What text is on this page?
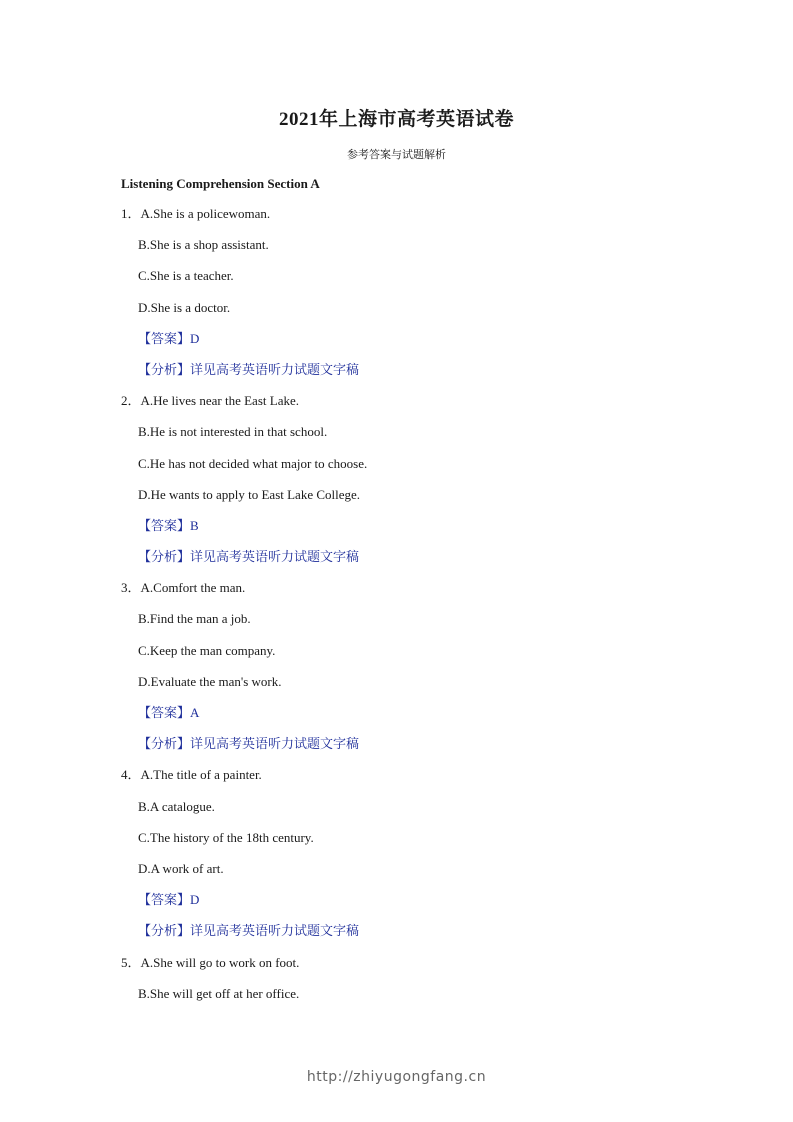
2021年上海市高考英语试卷
参考答案与试题解析
Listening Comprehension Section A
1．A.She is a policewoman.
B.She is a shop assistant.
C.She is a teacher.
D.She is a doctor.
【答案】D
【分析】详见高考英语听力试题文字稿
2．A.He lives near the East Lake.
B.He is not interested in that school.
C.He has not decided what major to choose.
D.He wants to apply to East Lake College.
【答案】B
【分析】详见高考英语听力试题文字稿
3．A.Comfort the man.
B.Find the man a job.
C.Keep the man company.
D.Evaluate the man's work.
【答案】A
【分析】详见高考英语听力试题文字稿
4．A.The title of a painter.
B.A catalogue.
C.The history of the 18th century.
D.A work of art.
【答案】D
【分析】详见高考英语听力试题文字稿
5．A.She will go to work on foot.
B.She will get off at her office.
http://zhiyugongfang.cn
